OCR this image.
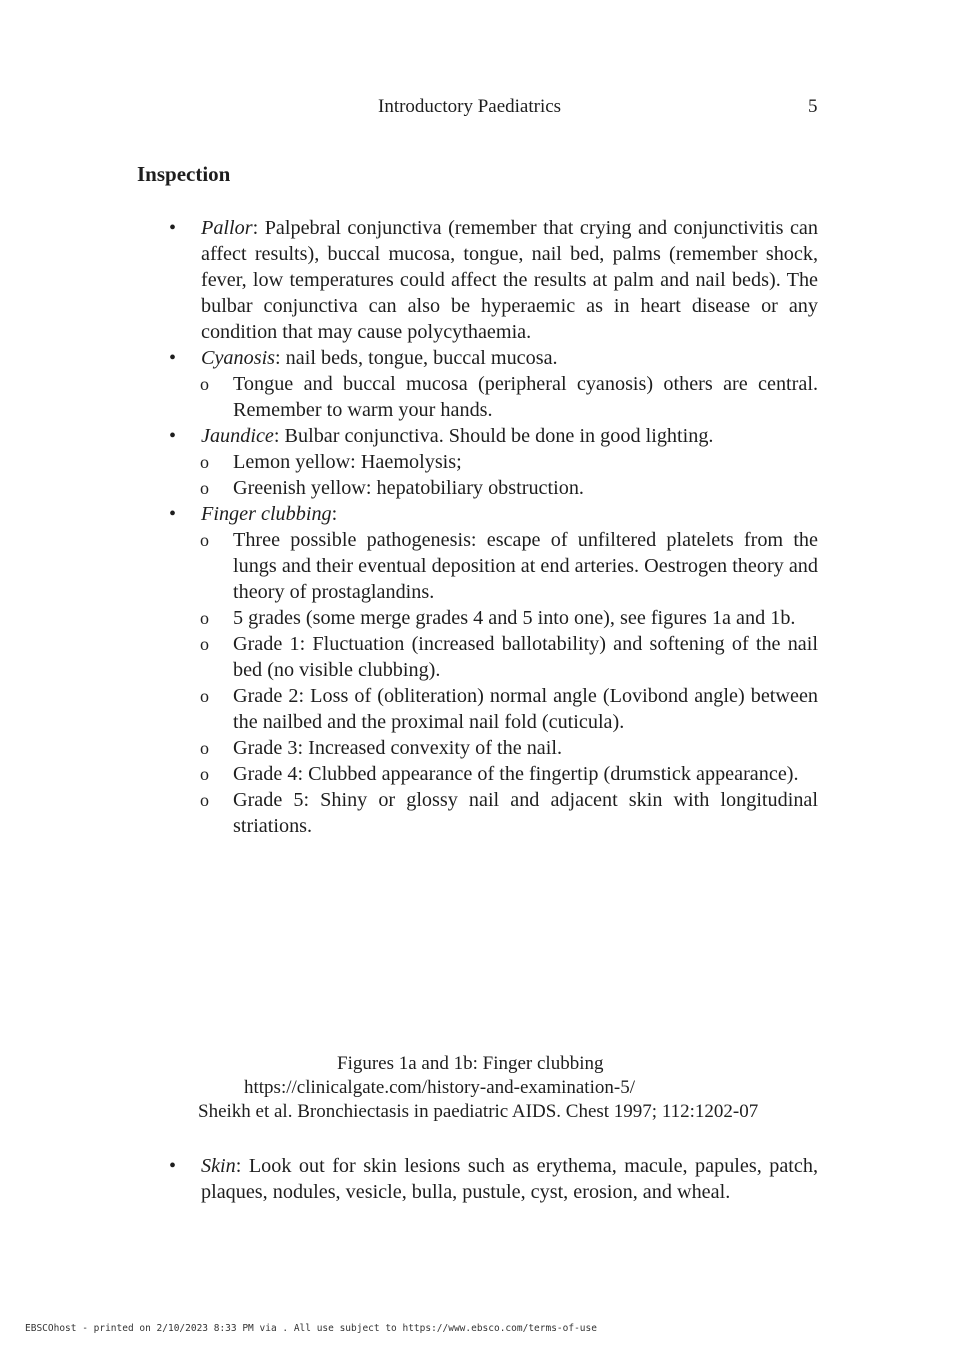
Introductory Paediatrics	5
Inspection
• Pallor: Palpebral conjunctiva (remember that crying and conjunctivitis can affect results), buccal mucosa, tongue, nail bed, palms (remember shock, fever, low temperatures could affect the results at palm and nail beds). The bulbar conjunctiva can also be hyperaemic as in heart disease or any condition that may cause polycythaemia.
• Cyanosis: nail beds, tongue, buccal mucosa.
o Tongue and buccal mucosa (peripheral cyanosis) others are central. Remember to warm your hands.
• Jaundice: Bulbar conjunctiva. Should be done in good lighting.
o Lemon yellow: Haemolysis;
o Greenish yellow: hepatobiliary obstruction.
• Finger clubbing:
o Three possible pathogenesis: escape of unfiltered platelets from the lungs and their eventual deposition at end arteries. Oestrogen theory and theory of prostaglandins.
o 5 grades (some merge grades 4 and 5 into one), see figures 1a and 1b.
o Grade 1: Fluctuation (increased ballotability) and softening of the nail bed (no visible clubbing).
o Grade 2: Loss of (obliteration) normal angle (Lovibond angle) between the nailbed and the proximal nail fold (cuticula).
o Grade 3: Increased convexity of the nail.
o Grade 4: Clubbed appearance of the fingertip (drumstick appearance).
o Grade 5: Shiny or glossy nail and adjacent skin with longitudinal striations.
Figures 1a and 1b: Finger clubbing
https://clinicalgate.com/history-and-examination-5/
Sheikh et al. Bronchiectasis in paediatric AIDS. Chest 1997; 112:1202-07
• Skin: Look out for skin lesions such as erythema, macule, papules, patch, plaques, nodules, vesicle, bulla, pustule, cyst, erosion, and wheal.
EBSCOhost - printed on 2/10/2023 8:33 PM via . All use subject to https://www.ebsco.com/terms-of-use
